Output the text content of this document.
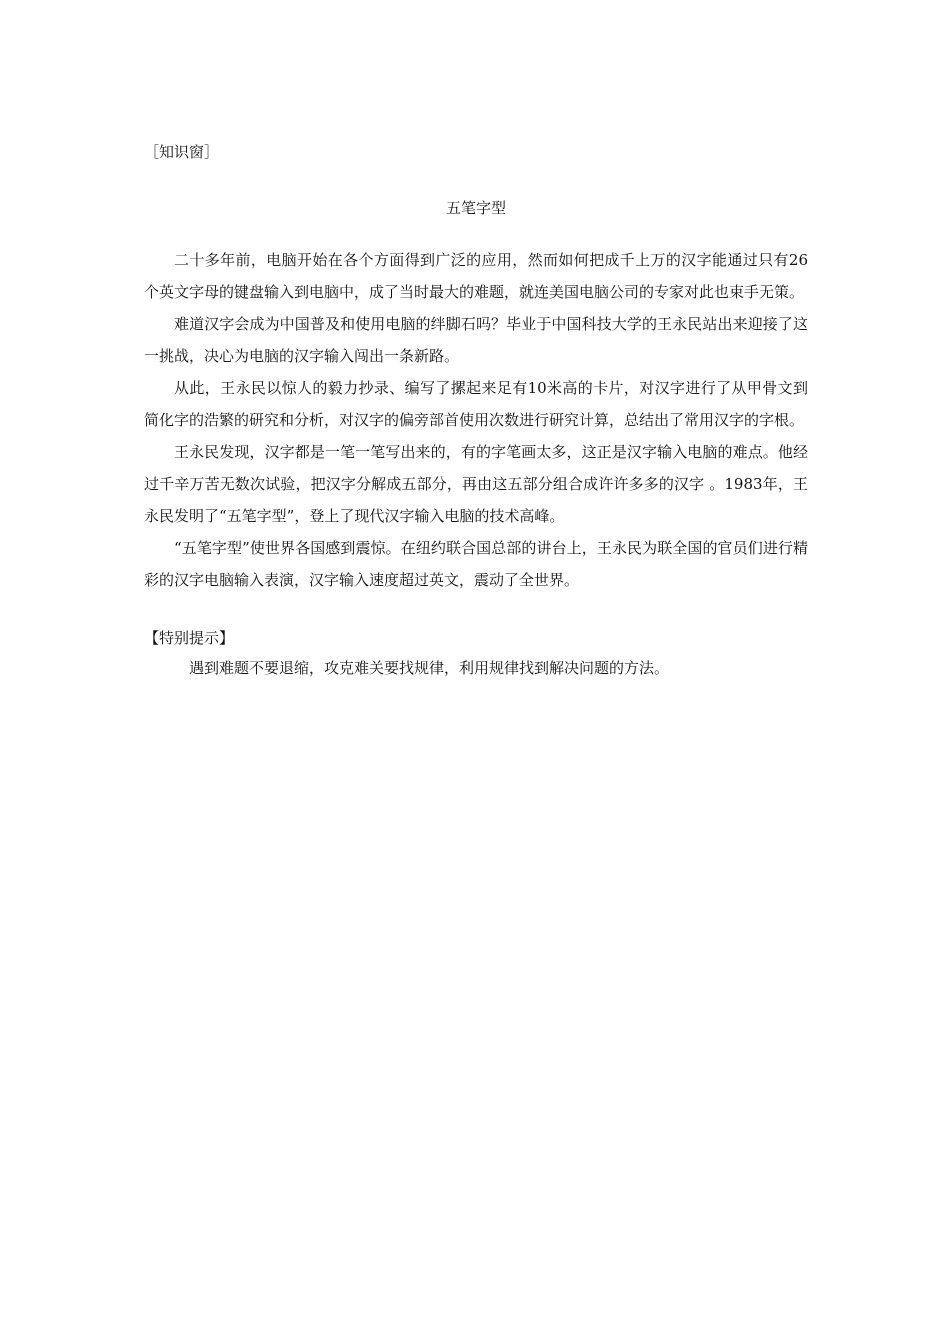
［知识窗］

五笔字型

二十多年前，电脑开始在各个方面得到广泛的应用，然而如何把成千上万的汉字能通过只有26个英文字母的键盘输入到电脑中，成了当时最大的难题，就连美国电脑公司的专家对此也束手无策。

难道汉字会成为中国普及和使用电脑的绊脚石吗？毕业于中国科技大学的王永民站出来迎接了这一挑战，决心为电脑的汉字输入闯出一条新路。

从此，王永民以惊人的毅力抄录、编写了摞起来足有10米高的卡片，对汉字进行了从甲骨文到简化字的浩繁的研究和分析，对汉字的偏旁部首使用次数进行研究计算，总结出了常用汉字的字根。

王永民发现，汉字都是一笔一笔写出来的，有的字笔画太多，这正是汉字输入电脑的难点。他经过千辛万苦无数次试验，把汉字分解成五部分，再由这五部分组合成许许多多的汉字 。1983年，王永民发明了“五笔字型”，登上了现代汉字输入电脑的技术高峰。

“五笔字型”使世界各国感到震惊。在纽约联合国总部的讲台上，王永民为联全国的官员们进行精彩的汉字电脑输入表演，汉字输入速度超过英文，震动了全世界。

【特别提示】

遇到难题不要退缩，攻克难关要找规律，利用规律找到解决问题的方法。
